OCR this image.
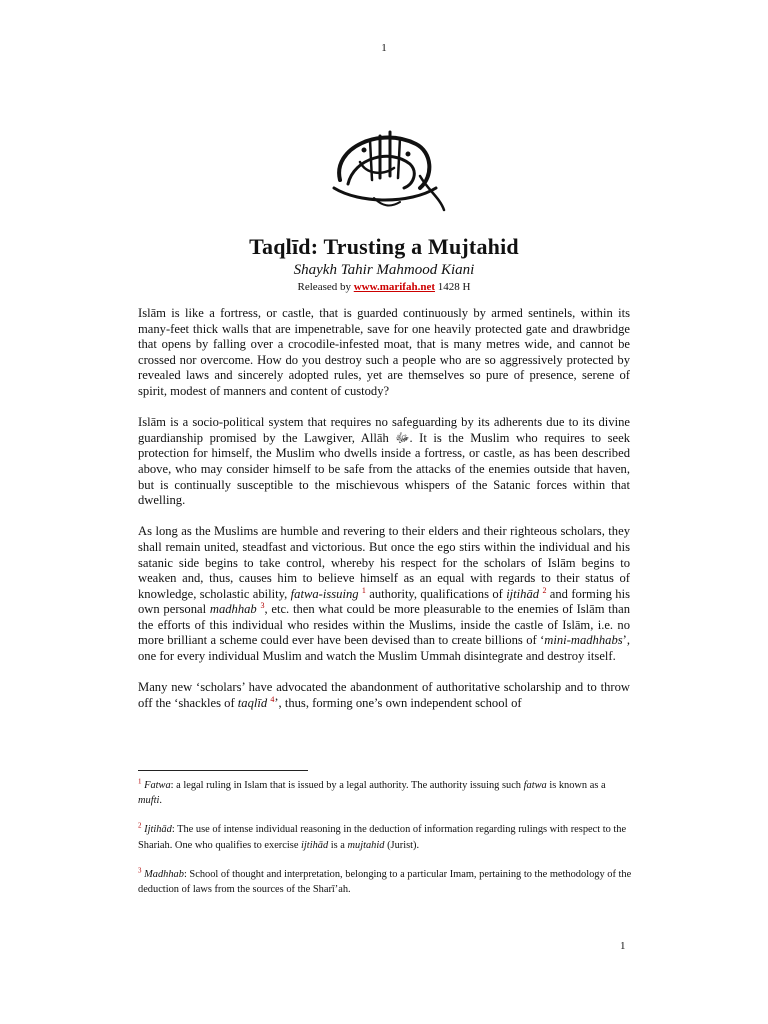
1
Taqlīd: Trusting a Mujtahid
Shaykh Tahir Mahmood Kiani
Released by www.marifah.net 1428 H

Islām is like a fortress, or castle, that is guarded continuously by armed sentinels, within its many-feet thick walls that are impenetrable, save for one heavily protected gate and drawbridge that opens by falling over a crocodile-infested moat, that is many metres wide, and cannot be crossed nor overcome. How do you destroy such a people who are so aggressively protected by revealed laws and sincerely adopted rules, yet are themselves so pure of presence, serene of spirit, modest of manners and content of custody?

Islām is a socio-political system that requires no safeguarding by its adherents due to its divine guardianship promised by the Lawgiver, Allāh ﷻ. It is the Muslim who requires to seek protection for himself, the Muslim who dwells inside a fortress, or castle, as has been described above, who may consider himself to be safe from the attacks of the enemies outside that haven, but is continually susceptible to the mischievous whispers of the Satanic forces within that dwelling.

As long as the Muslims are humble and revering to their elders and their righteous scholars, they shall remain united, steadfast and victorious. But once the ego stirs within the individual and his satanic side begins to take control, whereby his respect for the scholars of Islām begins to weaken and, thus, causes him to believe himself as an equal with regards to their status of knowledge, scholastic ability, fatwa-issuing $^1$ authority, qualifications of ijtihād $^2$ and forming his own personal madhhab $^3$, etc. then what could be more pleasurable to the enemies of Islām than the efforts of this individual who resides within the Muslims, inside the castle of Islām, i.e. no more brilliant a scheme could ever have been devised than to create billions of ‘mini-madhhabs’, one for every individual Muslim and watch the Muslim Ummah disintegrate and destroy itself.

Many new ‘scholars’ have advocated the abandonment of authoritative scholarship and to throw off the ‘shackles of taqlīd $^4$’, thus, forming one’s own independent school of

$^1$ Fatwa: a legal ruling in Islam that is issued by a legal authority. The authority issuing such fatwa is known as a mufti.

$^2$ Ijtihād: The use of intense individual reasoning in the deduction of information regarding rulings with respect to the Shariah. One who qualifies to exercise ijtihād is a mujtahid (Jurist).

$^3$ Madhhab: School of thought and interpretation, belonging to a particular Imam, pertaining to the methodology of the deduction of laws from the sources of the Sharī’ah.

1
